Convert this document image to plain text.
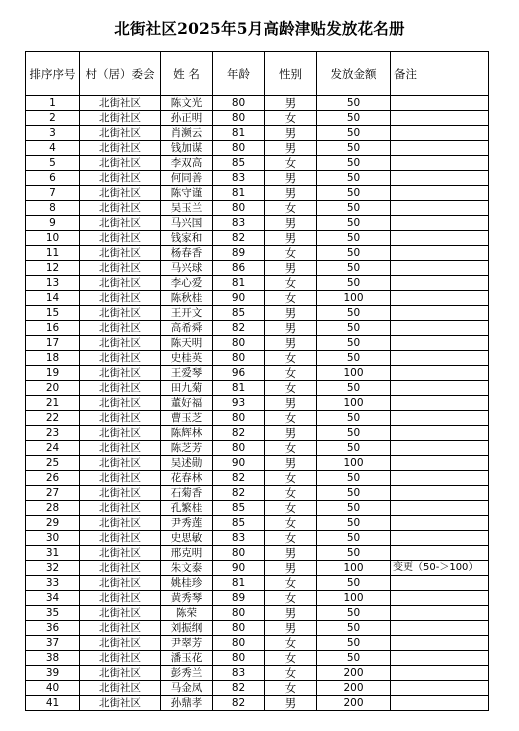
北街社区2025年5月高龄津贴发放花名册
排序序号	村（居）委会	姓 名	年龄	性别	发放金额	备注
1	北街社区	陈文光	80	男	50	
2	北街社区	孙正明	80	女	50	
3	北街社区	肖濒云	81	男	50	
4	北街社区	钱加谋	80	男	50	
5	北街社区	李双高	85	女	50	
6	北街社区	何同善	83	男	50	
7	北街社区	陈守谨	81	男	50	
8	北街社区	吴玉兰	80	女	50	
9	北街社区	马兴国	83	男	50	
10	北街社区	钱家和	82	男	50	
11	北街社区	杨春香	89	女	50	
12	北街社区	马兴球	86	男	50	
13	北街社区	李心爱	81	女	50	
14	北街社区	陈秋桂	90	女	100	
15	北街社区	王开文	85	男	50	
16	北街社区	高希舜	82	男	50	
17	北街社区	陈天明	80	男	50	
18	北街社区	史桂英	80	女	50	
19	北街社区	王爱琴	96	女	100	
20	北街社区	田九菊	81	女	50	
21	北街社区	董好福	93	男	100	
22	北街社区	曹玉芝	80	女	50	
23	北街社区	陈辉林	82	男	50	
24	北街社区	陈芝芳	80	女	50	
25	北街社区	吴述勋	90	男	100	
26	北街社区	花春林	82	女	50	
27	北街社区	石菊香	82	女	50	
28	北街社区	孔繁桂	85	女	50	
29	北街社区	尹秀莲	85	女	50	
30	北街社区	史思敏	83	女	50	
31	北街社区	邢克明	80	男	50	
32	北街社区	朱文泰	90	男	100	变更（50-＞100）
33	北街社区	姚桂珍	81	女	50	
34	北街社区	黄秀琴	89	女	100	
35	北街社区	陈荣	80	男	50	
36	北街社区	刘振纲	80	男	50	
37	北街社区	尹翠芳	80	女	50	
38	北街社区	潘玉花	80	女	50	
39	北街社区	彭秀兰	83	女	200	
40	北街社区	马金凤	82	女	200	
41	北街社区	孙鼎孝	82	男	200	
